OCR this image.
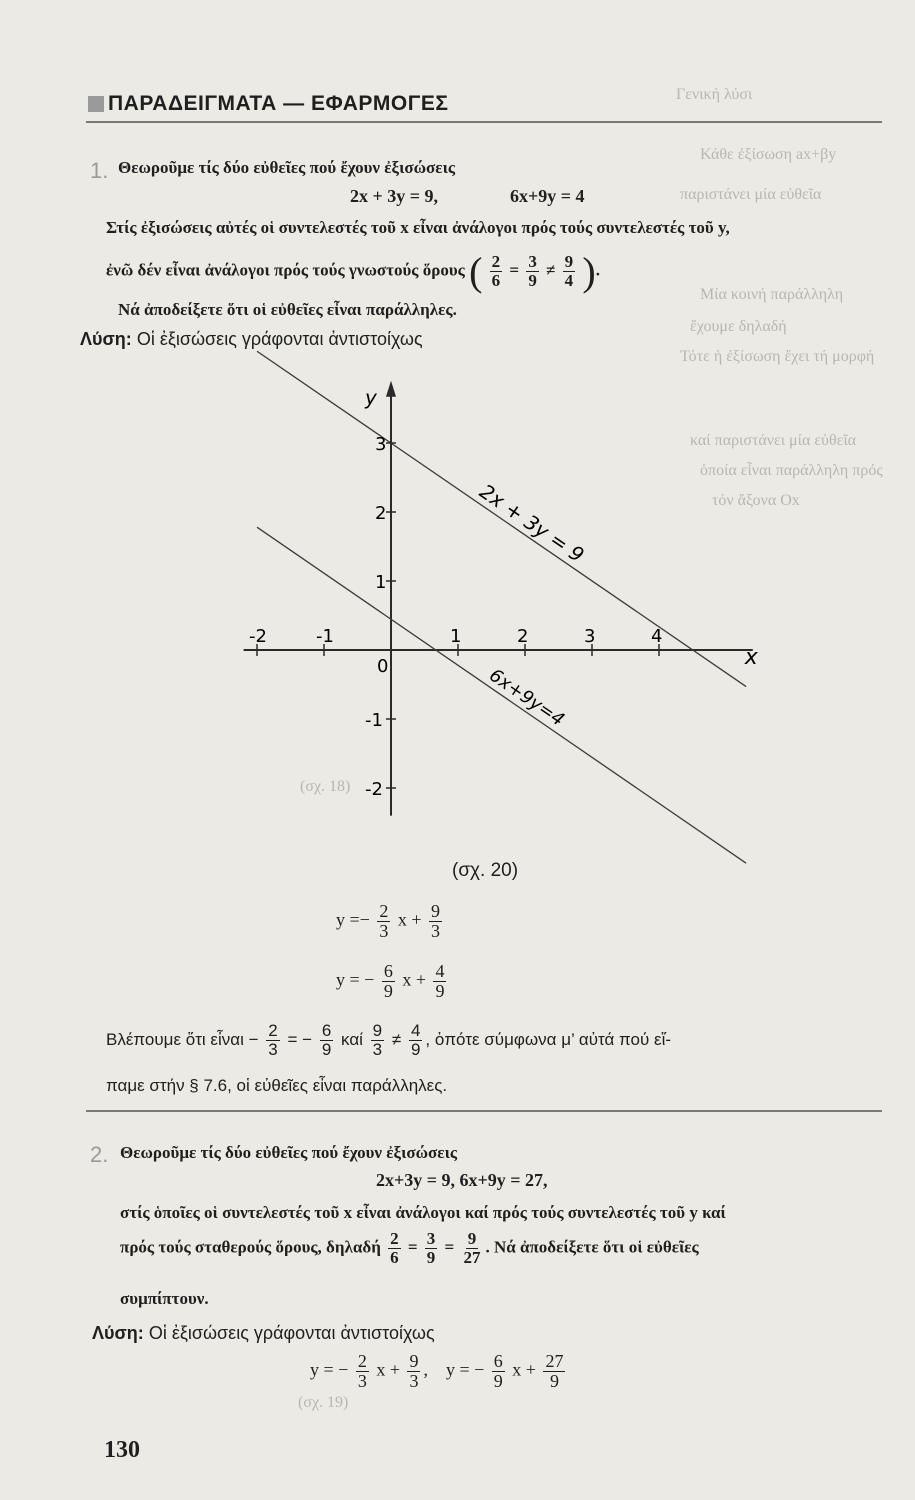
Γενική λύσι
Κάθε ἐξίσωση ax+βy
παριστάνει μία εὐθεῖα
Μία κοινή παράλληλη
ἔχουμε δηλαδή
Τότε ἡ ἐξίσωση ἔχει τή μορφή
καί παριστάνει μία εὐθεῖα
ὁποία εἶναι παράλληλη πρός
τόν ἄξονα Ox
(σχ. 18)
(σχ. 19)
ΠΑΡΑΔΕΙΓΜΑΤΑ — ΕΦΑΡΜΟΓΕΣ
1. Θεωροῦμε τίς δύο εὐθεῖες πού ἔχουν ἐξισώσεις
2x + 3y = 9,	6x+9y = 4
Στίς ἐξισώσεις αὐτές οἱ συντελεστές τοῦ x εἶναι ἀνάλογοι πρός τούς συντελεστές τοῦ y,
ἐνῶ δέν εἶναι ἀνάλογοι πρός τούς γνωστούς ὅρους ( $\frac{2}{6} = \frac{3}{9} \ne \frac{9}{4}$ ).
Νά ἀποδείξετε ὅτι οἱ εὐθεῖες εἶναι παράλληλες.
Λύση: Οἱ ἐξισώσεις γράφονται ἀντιστοίχως
-2	-1	1	2	3	4
3
2
1
-1
-2
y
x
0
2x + 3y = 9
6x+9y=4
(σχ. 20)
$y =- \frac{2}{3}$ $x + \frac{9}{3}$
y = − $\frac{6}{9}$ $x + \frac{4}{9}$
Βλέπουμε ὅτι εἶναι − $\frac{2}{3}$ = − $\frac{6}{9}$ καί $\frac{9}{3} \ne \frac{4}{9}$ , ὁπότε σύμφωνα μ’ αὐτά πού εἴ-
παμε στήν § 7.6, οἱ εὐθεῖες εἶναι παράλληλες.
2. Θεωροῦμε τίς δύο εὐθεῖες πού ἔχουν ἐξισώσεις
2x+3y = 9, 6x+9y = 27,
στίς ὁποῖες οἱ συντελεστές τοῦ x εἶναι ἀνάλογοι καί πρός τούς συντελεστές τοῦ y καί
πρός τούς σταθερούς ὅρους, δηλαδή $\frac{2}{6} = \frac{3}{9} = \frac{9}{27}$ . Νά ἀποδείξετε ὅτι οἱ εὐθεῖες
συμπίπτουν.
Λύση: Οἱ ἐξισώσεις γράφονται ἀντιστοίχως
y = − $\frac{2}{3}$ $x + \frac{9}{3}$ , y = − $\frac{6}{9}$ $x + \frac{27}{9}$
130
